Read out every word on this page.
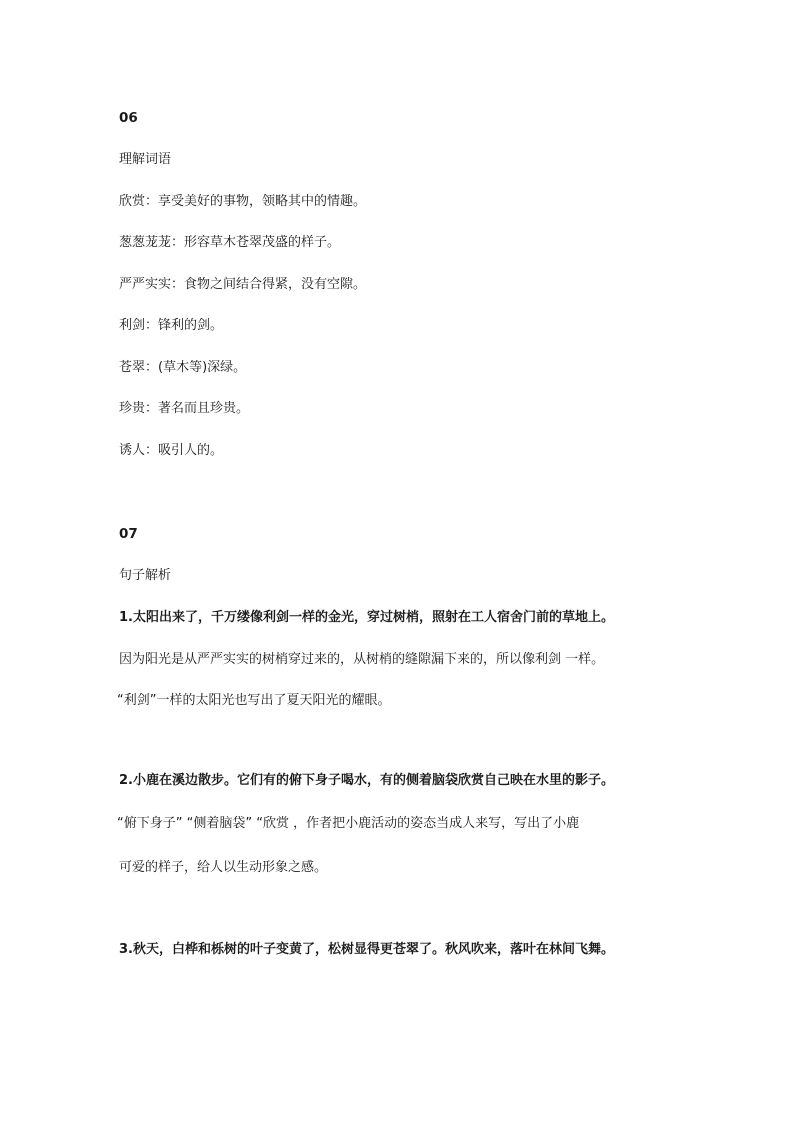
06
理解词语
欣赏：享受美好的事物，领略其中的情趣。
葱葱茏茏：形容草木苍翠茂盛的样子。
严严实实：食物之间结合得紧，没有空隙。
利剑：锋利的剑。
苍翠：(草木等)深绿。
珍贵：著名而且珍贵。
诱人：吸引人的。
07
句子解析
1.太阳出来了，千万缕像利剑一样的金光，穿过树梢，照射在工人宿舍门前的草地上。
因为阳光是从严严实实的树梢穿过来的，从树梢的缝隙漏下来的，所以像利剑 一样。
“利剑”一样的太阳光也写出了夏天阳光的耀眼。
2.小鹿在溪边散步。它们有的俯下身子喝水，有的侧着脑袋欣赏自己映在水里的影子。
“俯下身子” “侧着脑袋” “欣赏 ，作者把小鹿活动的姿态当成人来写，写出了小鹿
可爱的样子，给人以生动形象之感。
3.秋天，白桦和栎树的叶子变黄了，松树显得更苍翠了。秋风吹来，落叶在林间飞舞。
